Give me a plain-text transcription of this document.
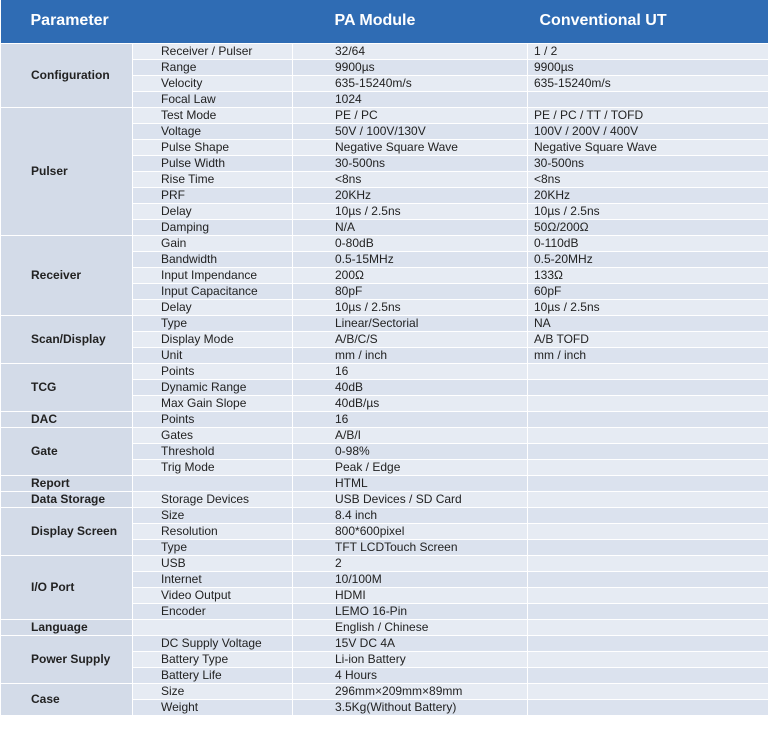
Parameter		PA Module	Conventional UT
Configuration	Receiver / Pulser	32/64	1 / 2
	Range	9900µs	9900µs
	Velocity	635-15240m/s	635-15240m/s
	Focal Law	1024	
Pulser	Test Mode	PE / PC	PE / PC / TT / TOFD
	Voltage	50V / 100V/130V	100V / 200V / 400V
	Pulse Shape	Negative Square Wave	Negative Square Wave
	Pulse Width	30-500ns	30-500ns
	Rise Time	<8ns	<8ns
	PRF	20KHz	20KHz
	Delay	10µs / 2.5ns	10µs / 2.5ns
	Damping	N/A	50Ω/200Ω
Receiver	Gain	0-80dB	0-110dB
	Bandwidth	0.5-15MHz	0.5-20MHz
	Input Impendance	200Ω	133Ω
	Input Capacitance	80pF	60pF
	Delay	10µs / 2.5ns	10µs / 2.5ns
Scan/Display	Type	Linear/Sectorial	NA
	Display Mode	A/B/C/S	A/B TOFD
	Unit	mm / inch	mm / inch
TCG	Points	16	
	Dynamic Range	40dB	
	Max Gain Slope	40dB/µs	
DAC	Points	16	
Gate	Gates	A/B/I	
	Threshold	0-98%	
	Trig Mode	Peak / Edge	
Report		HTML	
Data Storage	Storage Devices	USB Devices / SD Card	
Display Screen	Size	8.4 inch	
	Resolution	800*600pixel	
	Type	TFT LCDTouch Screen	
I/O Port	USB	2	
	Internet	10/100M	
	Video Output	HDMI	
	Encoder	LEMO 16-Pin	
Language		English / Chinese	
Power Supply	DC Supply Voltage	15V DC 4A	
	Battery Type	Li-ion Battery	
	Battery Life	4 Hours	
Case	Size	296mm×209mm×89mm	
	Weight	3.5Kg(Without Battery)	
